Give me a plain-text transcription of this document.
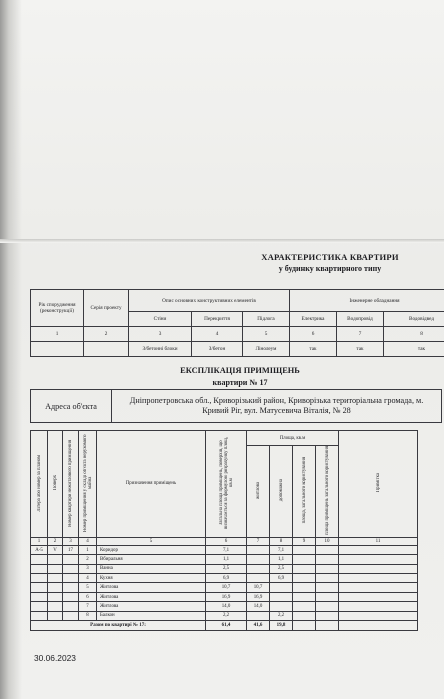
ХАРАКТЕРИСТИКА КВАРТИРИ
у будинку квартирного типу
Рік спорудження (реконструкції)	Серія проекту	Опис основних конструктивних елементів			Інженерне обладнання		
		Стіни	Перекриття	Підлога	Електрика	Водопровід	Водовідвед
1	2	3	4	5	6	7	8
		З/бетонні блоки	З/бетон	Лінолеум	так	так	так
ЕКСПЛІКАЦІЯ ПРИМІЩЕНЬ
квартири № 17
Адреса об'єкта	Дніпропетровська обл., Криворізький район, Криворізька територіальна громада, м. Кривий Ріг, вул. Матусевича Віталія, № 28
Літера або номер за планом	Поверх	Номер квартири нежитлового приміщення	Номер приміщення у складі об'єкта нерухомого майна	Призначення приміщень	Загальна площа приміщень, поверхів, що визначається за формулою розрахунку площ, кв.м	Площа, кв.м				Примітка
						житлова	допоміжна	площа, загального користування	площа приміщень загального користування	
1	2	3	4	5	6	7	8	9	10	11
А-5	V	17	1	Коридор	7,1		7,1			
			2	Вбиральня	1,1		1,1			
			3	Ванна	2,5		2,5			
			4	Кухня	6,9		6,9			
			5	Житлова	10,7	10,7				
			6	Житлова	16,9	16,9				
			7	Житлова	14,0	14,0				
			8	Балкон	2,2		2,2			
Разом по квартирі № 17:					61,4	41,6	19,8			
30.06.2023
